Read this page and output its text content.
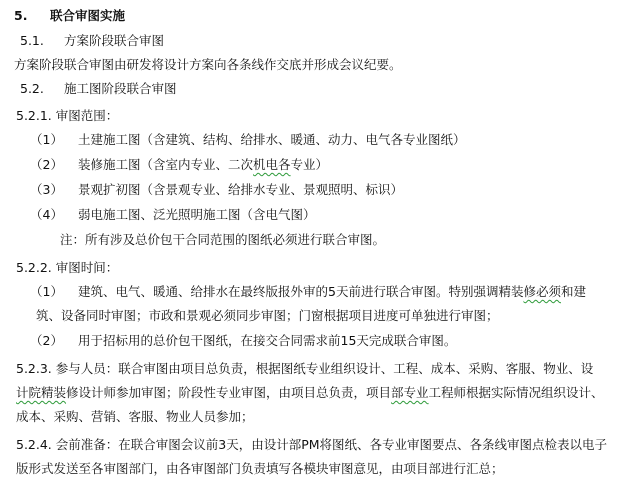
5. 联合审图实施
5.1. 方案阶段联合审图
方案阶段联合审图由研发将设计方案向各条线作交底并形成会议纪要。
5.2. 施工图阶段联合审图
5.2.1. 审图范围：
（1） 土建施工图（含建筑、结构、给排水、暖通、动力、电气各专业图纸）
（2） 装修施工图（含室内专业、二次机电各专业）
（3） 景观扩初图（含景观专业、给排水专业、景观照明、标识）
（4） 弱电施工图、泛光照明施工图（含电气图）
注：所有涉及总价包干合同范围的图纸必须进行联合审图。
5.2.2. 审图时间：
（1） 建筑、电气、暖通、给排水在最终版报外审的5天前进行联合审图。特别强调精装修必须和建
筑、设备同时审图；市政和景观必须同步审图；门窗根据项目进度可单独进行审图；
（2） 用于招标用的总价包干图纸，在接交合同需求前15天完成联合审图。
5.2.3. 参与人员：联合审图由项目总负责，根据图纸专业组织设计、工程、成本、采购、客服、物业、设
计院精装修设计师参加审图；阶段性专业审图，由项目总负责，项目部专业工程师根据实际情况组织设计、
成本、采购、营销、客服、物业人员参加；
5.2.4. 会前准备：在联合审图会议前3天，由设计部PM将图纸、各专业审图要点、各条线审图点检表以电子
版形式发送至各审图部门，由各审图部门负责填写各模块审图意见，由项目部进行汇总；
